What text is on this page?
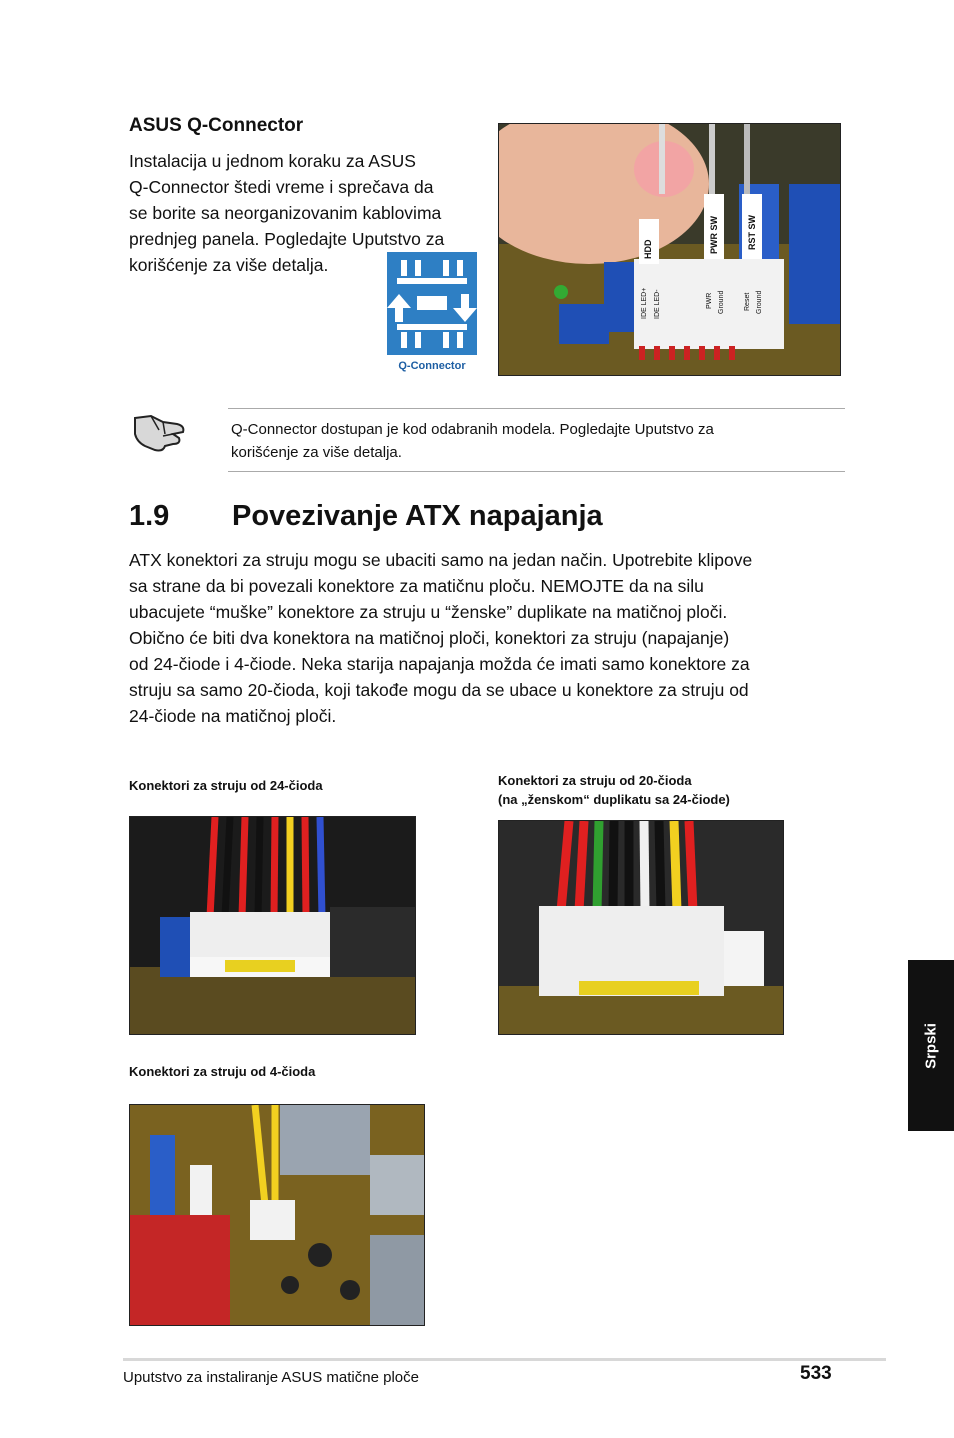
ASUS Q-Connector
Instalacija u jednom koraku za ASUS
Q-Connector štedi vreme i sprečava da
se borite sa neorganizovanim kablovima
prednjeg panela. Pogledajte Uputstvo za
korišćenje za više detalja.
Q-Connector
HDD	PWR SW	RST SW
IDE LED+ IDE LED-	PWR Ground	Reset Ground
Q-Connector dostupan je kod odabranih modela. Pogledajte Uputstvo za
korišćenje za više detalja.
1.9 Povezivanje ATX napajanja
ATX konektori za struju mogu se ubaciti samo na jedan način. Upotrebite klipove
sa strane da bi povezali konektore za matičnu ploču. NEMOJTE da na silu
ubacujete “muške” konektore za struju u “ženske” duplikate na matičnoj ploči.
Obično će biti dva konektora na matičnoj ploči, konektori za struju (napajanje)
od 24-čiode i 4-čiode. Neka starija napajanja možda će imati samo konektore za
struju sa samo 20-čioda, koji takođe mogu da se ubace u konektore za struju od
24-čiode na matičnoj ploči.
Konektori za struju od 24-čioda	Konektori za struju od 20-čioda
(na „ženskom“ duplikatu sa 24-čiode)
Konektori za struju od 4-čioda
Srpski
Uputstvo za instaliranje ASUS matične ploče	533
